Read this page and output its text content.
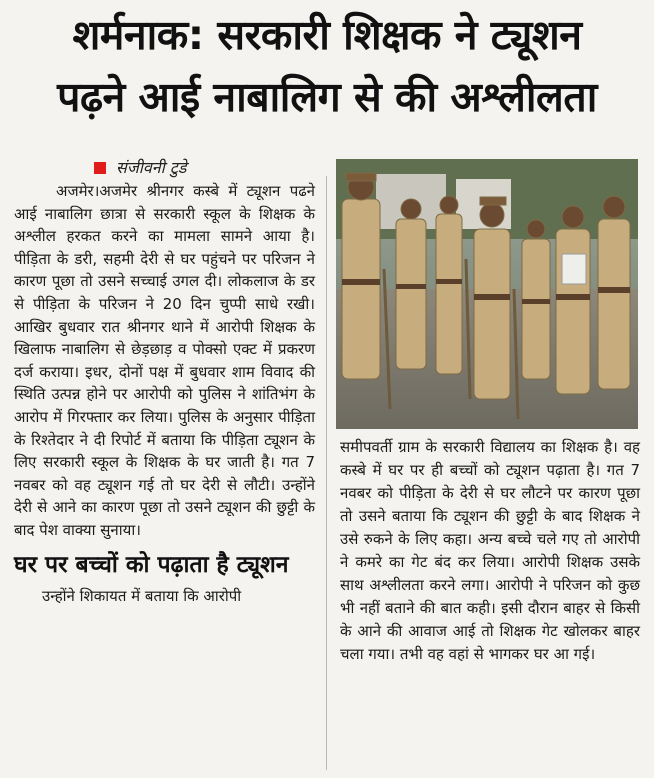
शर्मनाक: सरकारी शिक्षक ने ट्यूशन
पढ़ने आई नाबालिग से की अश्लीलता
संजीवनी टुडे

अजमेर।अजमेर श्रीनगर कस्बे में ट्यूशन पढने आई नाबालिग छात्रा से सरकारी स्कूल के शिक्षक के अश्लील हरकत करने का मामला सामने आया है। पीड़िता के डरी, सहमी देरी से घर पहुंचने पर परिजन ने कारण पूछा तो उसने सच्चाई उगल दी। लोकलाज के डर से पीड़िता के परिजन ने 20 दिन चुप्पी साधे रखी। आखिर बुधवार रात श्रीनगर थाने में आरोपी शिक्षक के खिलाफ नाबालिग से छेड़छाड़ व पोक्सो एक्ट में प्रकरण दर्ज कराया। इधर, दोनों पक्ष में बुधवार शाम विवाद की स्थिति उत्पन्न होने पर आरोपी को पुलिस ने शांतिभंग के आरोप में गिरफ्तार कर लिया। पुलिस के अनुसार पीड़िता के रिश्तेदार ने दी रिपोर्ट में बताया कि पीड़िता ट्यूशन के लिए सरकारी स्कूल के शिक्षक के घर जाती है। गत 7 नवबर को वह ट्यूशन गई तो घर देरी से लौटी। उन्होंने देरी से आने का कारण पूछा तो उसने ट्यूशन की छुट्टी के बाद पेश वाक्या सुनाया।

घर पर बच्चों को पढ़ाता है ट्यूशन

उन्होंने शिकायत में बताया कि आरोपी

समीपवर्ती ग्राम के सरकारी विद्यालय का शिक्षक है। वह कस्बे में घर पर ही बच्चों को ट्यूशन पढ़ाता है। गत 7 नवबर को पीड़िता के देरी से घर लौटने पर कारण पूछा तो उसने बताया कि ट्यूशन की छुट्टी के बाद शिक्षक ने उसे रुकने के लिए कहा। अन्य बच्चे चले गए तो आरोपी ने कमरे का गेट बंद कर लिया। आरोपी शिक्षक उसके साथ अश्लीलता करने लगा। आरोपी ने परिजन को कुछ भी नहीं बताने की बात कही। इसी दौरान बाहर से किसी के आने की आवाज आई तो शिक्षक गेट खोलकर बाहर चला गया। तभी वह वहां से भागकर घर आ गई।
